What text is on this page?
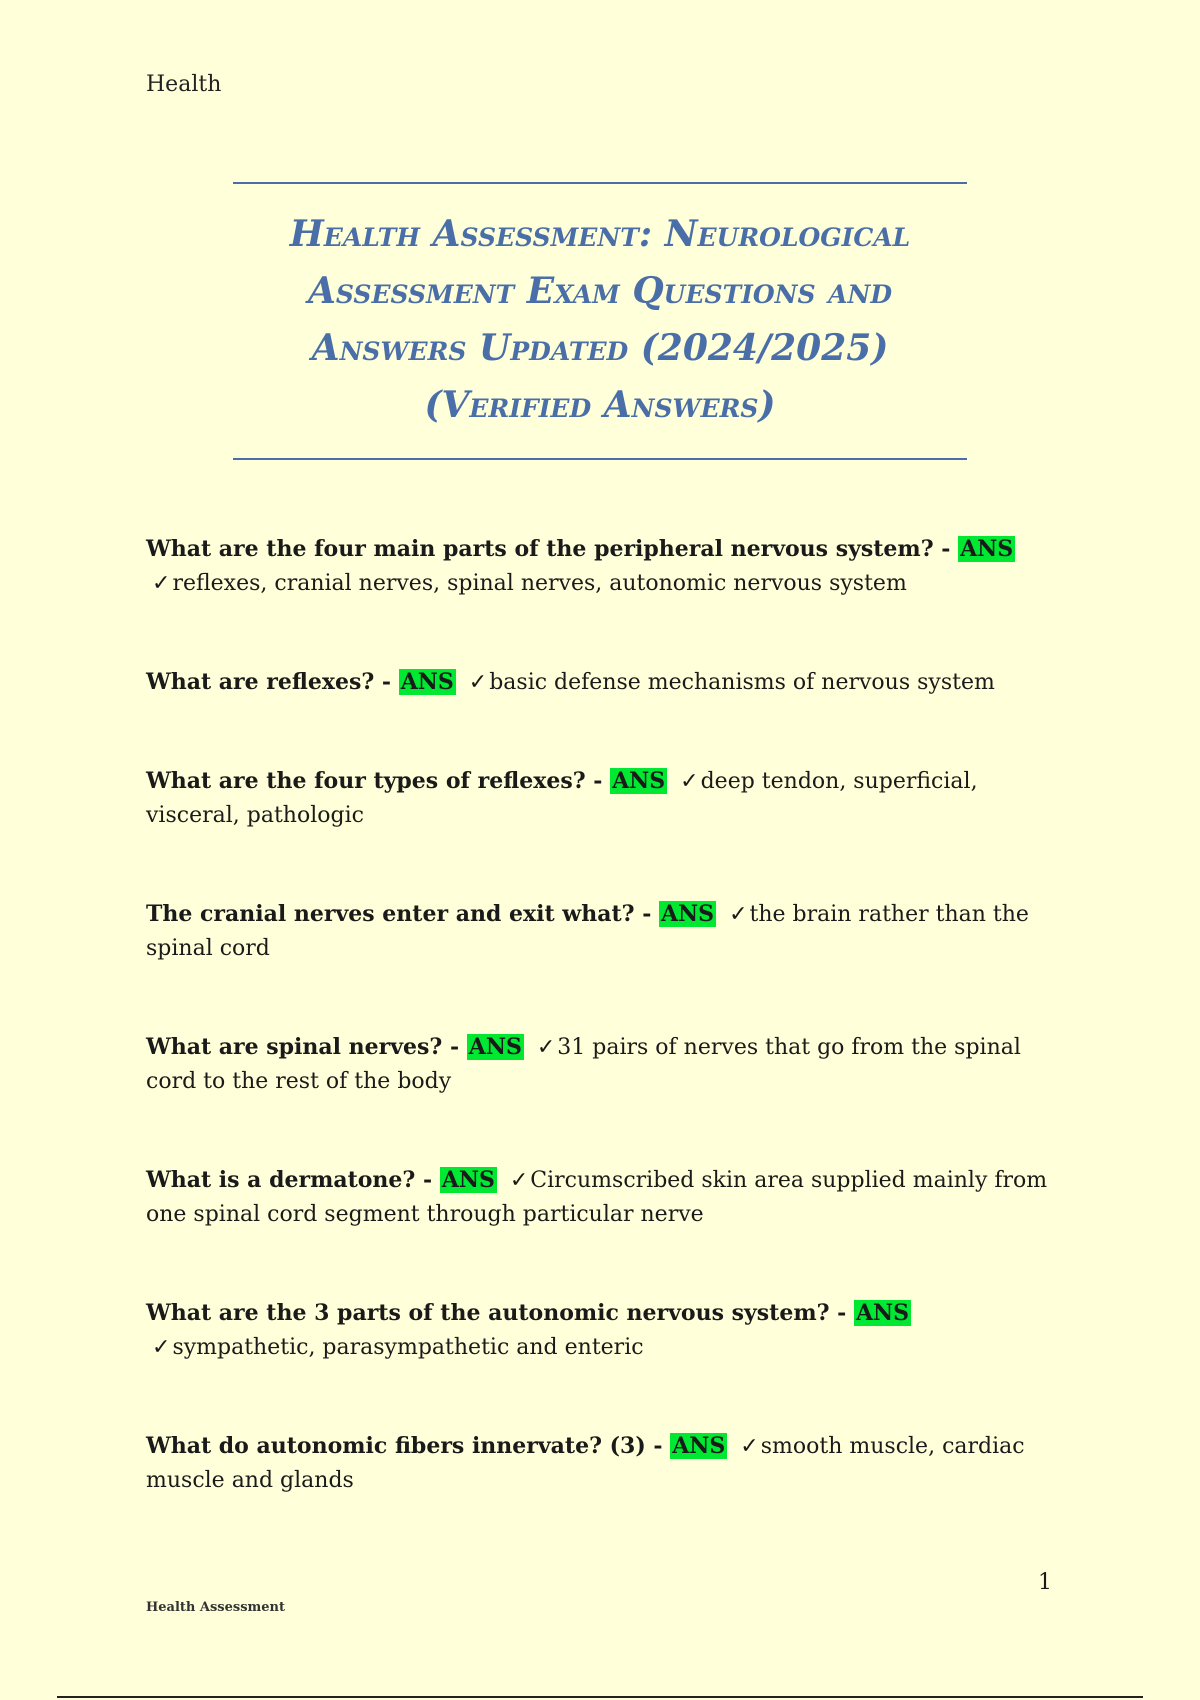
Health
Health Assessment: Neurological
Assessment Exam Questions and
Answers Updated (2024/2025)
(Verified Answers)

What are the four main parts of the peripheral nervous system? - ANS ✓reflexes, cranial nerves, spinal nerves, autonomic nervous system

What are reflexes? - ANS ✓basic defense mechanisms of nervous system

What are the four types of reflexes? - ANS ✓deep tendon, superficial, visceral, pathologic

The cranial nerves enter and exit what? - ANS ✓the brain rather than the spinal cord

What are spinal nerves? - ANS ✓31 pairs of nerves that go from the spinal cord to the rest of the body

What is a dermatone? - ANS ✓Circumscribed skin area supplied mainly from one spinal cord segment through particular nerve

What are the 3 parts of the autonomic nervous system? - ANS ✓sympathetic, parasympathetic and enteric

What do autonomic fibers innervate? (3) - ANS ✓smooth muscle, cardiac muscle and glands

1
Health Assessment
